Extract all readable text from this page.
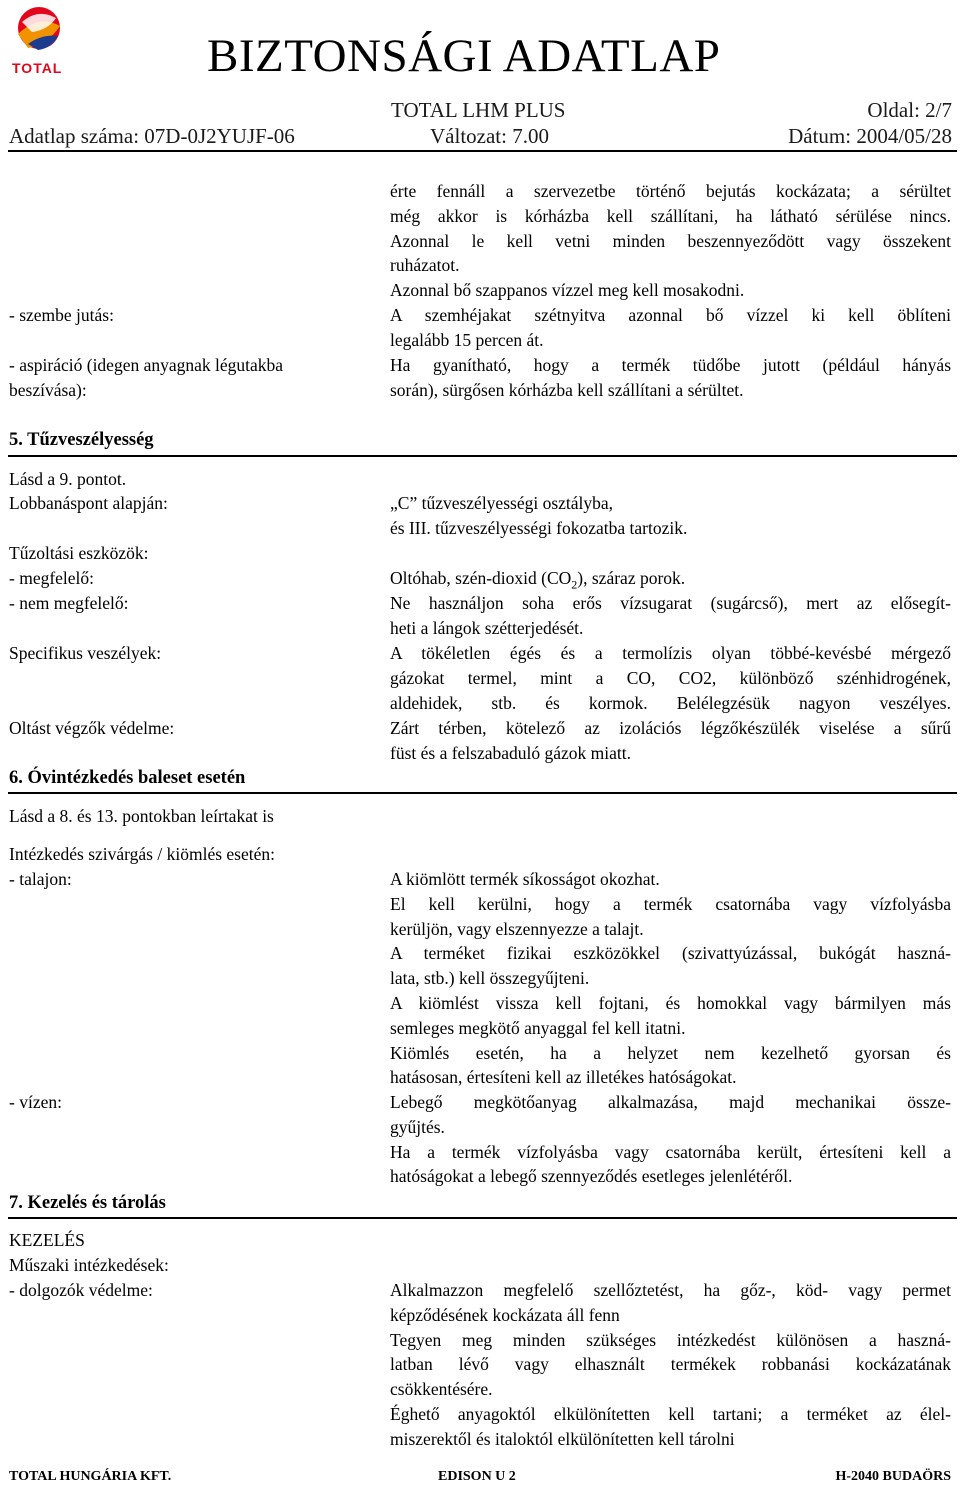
TOTAL	BIZTONSÁGI ADATLAP
TOTAL LHM PLUS	Oldal: 2/7
Adatlap száma: 07D-0J2YUJF-06	Változat: 7.00	Dátum: 2004/05/28
érte fennáll a szervezetbe történő bejutás kockázata; a sérültet
még akkor is kórházba kell szállítani, ha látható sérülése nincs.
Azonnal le kell vetni minden beszennyeződött vagy összekent
ruházatot.
Azonnal bő szappanos vízzel meg kell mosakodni.
- szembe jutás:	A szemhéjakat szétnyitva azonnal bő vízzel ki kell öblíteni
legalább 15 percen át.
- aspiráció (idegen anyagnak légutakba
beszívása):
Ha gyanítható, hogy a termék tüdőbe jutott (például hányás
során), sürgősen kórházba kell szállítani a sérültet.
5. Tűzveszélyesség
Lásd a 9. pontot.
Lobbanáspont alapján:	„C” tűzveszélyességi osztályba,
és III. tűzveszélyességi fokozatba tartozik.
Tűzoltási eszközök:
- megfelelő:	Oltóhab, szén-dioxid $(CO_2)$, száraz porok.
- nem megfelelő:	Ne használjon soha erős vízsugarat (sugárcső), mert az elősegít-
heti a lángok szétterjedését.
Specifikus veszélyek:	A tökéletlen égés és a termolízis olyan többé-kevésbé mérgező
gázokat termel, mint a CO, CO2, különböző szénhidrogének,
aldehidek, stb. és kormok. Belélegzésük nagyon veszélyes.
Oltást végzők védelme:	Zárt térben, kötelező az izolációs légzőkészülék viselése a sűrű
füst és a felszabaduló gázok miatt.
6. Óvintézkedés baleset esetén
Lásd a 8. és 13. pontokban leírtakat is
Intézkedés szivárgás / kiömlés esetén:
- talajon:	A kiömlött termék síkosságot okozhat.
El kell kerülni, hogy a termék csatornába vagy vízfolyásba
kerüljön, vagy elszennyezze a talajt.
A terméket fizikai eszközökkel (szivattyúzással, bukógát haszná-
lata, stb.) kell összegyűjteni.
A kiömlést vissza kell fojtani, és homokkal vagy bármilyen más
semleges megkötő anyaggal fel kell itatni.
Kiömlés esetén, ha a helyzet nem kezelhető gyorsan és
hatásosan, értesíteni kell az illetékes hatóságokat.
- vízen:	Lebegő megkötőanyag alkalmazása, majd mechanikai össze-
gyűjtés.
Ha a termék vízfolyásba vagy csatornába került, értesíteni kell a
hatóságokat a lebegő szennyeződés esetleges jelenlétéről.
7. Kezelés és tárolás
KEZELÉS
Műszaki intézkedések:
- dolgozók védelme:	Alkalmazzon megfelelő szellőztetést, ha gőz-, köd- vagy permet
képződésének kockázata áll fenn
Tegyen meg minden szükséges intézkedést különösen a haszná-
latban lévő vagy elhasznált termékek robbanási kockázatának
csökkentésére.
Éghető anyagoktól elkülönítetten kell tartani; a terméket az élel-
miszerektől és italoktól elkülönítetten kell tárolni
TOTAL HUNGÁRIA KFT.	EDISON U 2	H-2040 BUDAÖRS
